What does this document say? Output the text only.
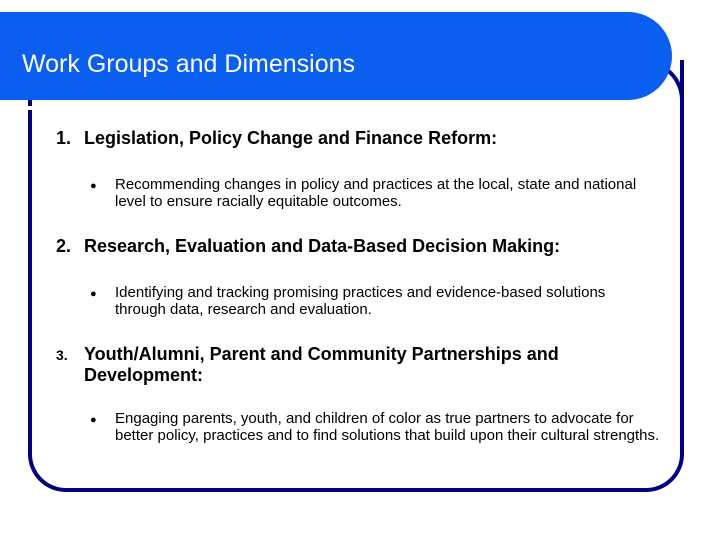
Work Groups and Dimensions
1. Legislation, Policy Change and Finance Reform:
● Recommending changes in policy and practices at the local, state and national level to ensure racially equitable outcomes.
2. Research, Evaluation and Data-Based Decision Making:
● Identifying and tracking promising practices and evidence-based solutions through data, research and evaluation.
3. Youth/Alumni, Parent and Community Partnerships and
Development:
● Engaging parents, youth, and children of color as true partners to advocate for better policy, practices and to find solutions that build upon their cultural strengths.
